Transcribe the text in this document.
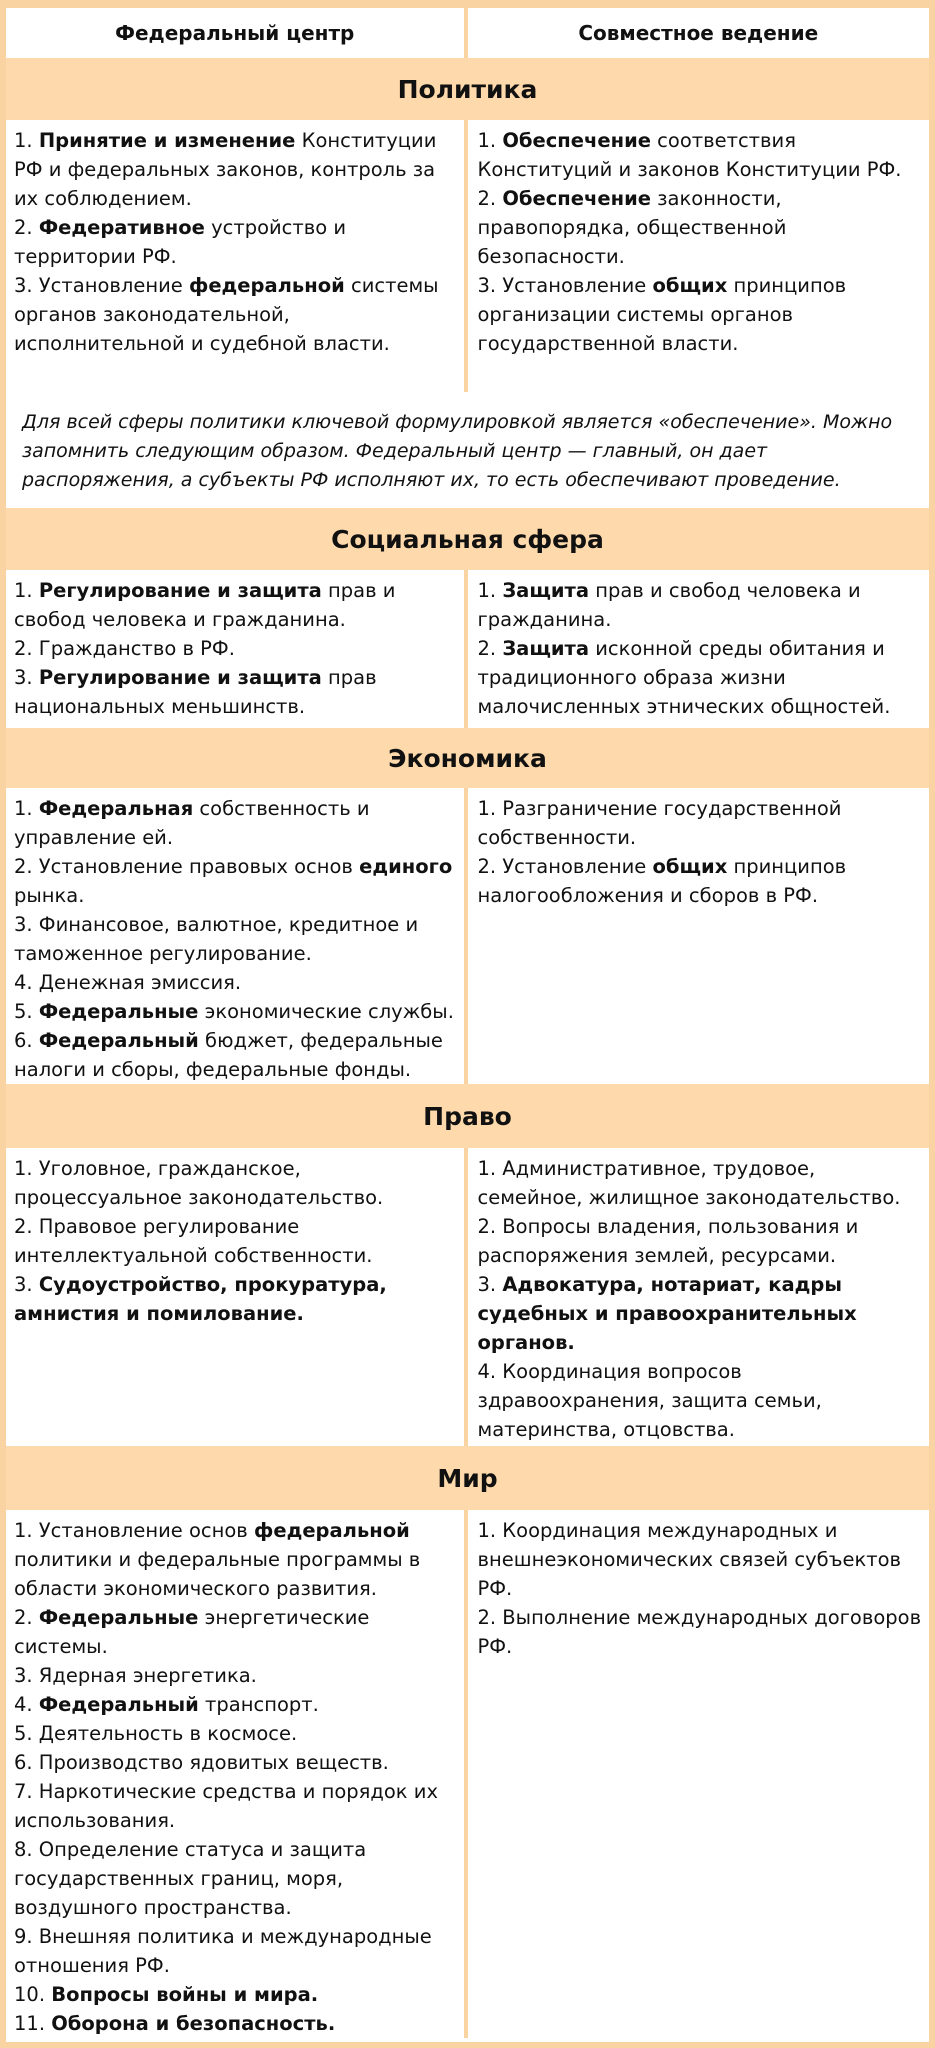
Федеральный центр	Совместное ведение
Политика

1. Принятие и изменение Конституции РФ и федеральных законов, контроль за их соблюдением.

2. Федеративное устройство и территории РФ.

3. Установление федеральной системы органов законодательной, исполнительной и судебной власти.

1. Обеспечение соответствия Конституций и законов Конституции РФ.

2. Обеспечение законности, правопорядка, общественной безопасности.

3. Установление общих принципов организации системы органов государственной власти.

Для всей сферы политики ключевой формулировкой является «обеспечение». Можно запомнить следующим образом. Федеральный центр — главный, он дает распоряжения, а субъекты РФ исполняют их, то есть обеспечивают проведение.
Социальная сфера

1. Регулирование и защита прав и свобод человека и гражданина.

2. Гражданство в РФ.

3. Регулирование и защита прав национальных меньшинств.

1. Защита прав и свобод человека и гражданина.

2. Защита исконной среды обитания и традиционного образа жизни малочисленных этнических общностей.

Экономика

1. Федеральная собственность и управление ей.

2. Установление правовых основ единого рынка.

3. Финансовое, валютное, кредитное и таможенное регулирование.

4. Денежная эмиссия.

5. Федеральные экономические службы.

6. Федеральный бюджет, федеральные налоги и сборы, федеральные фонды.

1. Разграничение государственной собственности.

2. Установление общих принципов налогообложения и сборов в РФ.

Право

1. Уголовное, гражданское, процессуальное законодательство.

2. Правовое регулирование интеллектуальной собственности.

3. Судоустройство, прокуратура, амнистия и помилование.

1. Административное, трудовое, семейное, жилищное законодательство.

2. Вопросы владения, пользования и распоряжения землей, ресурсами.

3. Адвокатура, нотариат, кадры судебных и правоохранительных органов.

4. Координация вопросов здравоохранения, защита семьи, материнства, отцовства.

Мир

1. Установление основ федеральной политики и федеральные программы в области экономического развития.

2. Федеральные энергетические системы.

3. Ядерная энергетика.

4. Федеральный транспорт.

5. Деятельность в космосе.

6. Производство ядовитых веществ.

7. Наркотические средства и порядок их использования.

8. Определение статуса и защита государственных границ, моря, воздушного пространства.

9. Внешняя политика и международные отношения РФ.

10. Вопросы войны и мира.

11. Оборона и безопасность.

1. Координация международных и внешнеэкономических связей субъектов РФ.

2. Выполнение международных договоров РФ.
